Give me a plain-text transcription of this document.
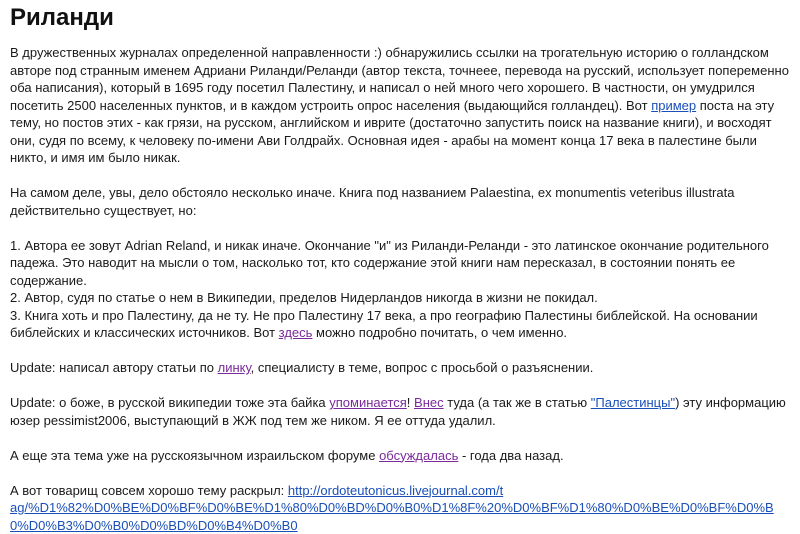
Риланди

В дружественных журналах определенной направленности :) обнаружились ссылки на трогательную историю о голландском авторе под странным именем Адриани Риланди/Реланди (автор текста, точнеее, перевода на русский, использует попеременно оба написания), который в 1695 году посетил Палестину, и написал о ней много чего хорошего. В частности, он умудрился посетить 2500 населенных пунктов, и в каждом устроить опрос населения (выдающийся голландец). Вот пример поста на эту тему, но постов этих - как грязи, на русском, английском и иврите (достаточно запустить поиск на название книги), и восходят они, судя по всему, к человеку по-имени Ави Голдрайх. Основная идея - арабы на момент конца 17 века в палестине были никто, и имя им было никак.

На самом деле, увы, дело обстояло несколько иначе. Книга под названием Palaestina, ex monumentis veteribus illustrata действительно существует, но:

1. Автора ее зовут Adrian Reland, и никак иначе. Окончание "и" из Риланди-Реланди - это латинское окончание родительного падежа. Это наводит на мысли о том, насколько тот, кто содержание этой книги нам пересказал, в состоянии понять ее содержание.

2. Автор, судя по статье о нем в Википедии, пределов Нидерландов никогда в жизни не покидал.

3. Книга хоть и про Палестину, да не ту. Не про Палестину 17 века, а про географию Палестины библейской. На основании библейских и классических источников. Вот здесь можно подробно почитать, о чем именно.

Update: написал автору статьи по линку, специалисту в теме, вопрос с просьбой о разъяснении.

Update: о боже, в русской википедии тоже эта байка упоминается! Внес туда (а так же в статью "Палестинцы") эту информацию юзер pessimist2006, выступающий в ЖЖ под тем же ником. Я ее оттуда удалил.

А еще эта тема уже на русскоязычном израильском форуме обсуждалась - года два назад.

А вот товарищ совсем хорошо тему раскрыл: http://ordoteutonicus.livejournal.com/t
ag/%D1%82%D0%BE%D0%BF%D0%BE%D1%80%D0%BD%D0%B0%D1%8F%20%D0%BF%D1%80%D0%BE%D0%BF%D0%B0%D0%B3%D0%B0%D0%BD%D0%B4%D0%B0
